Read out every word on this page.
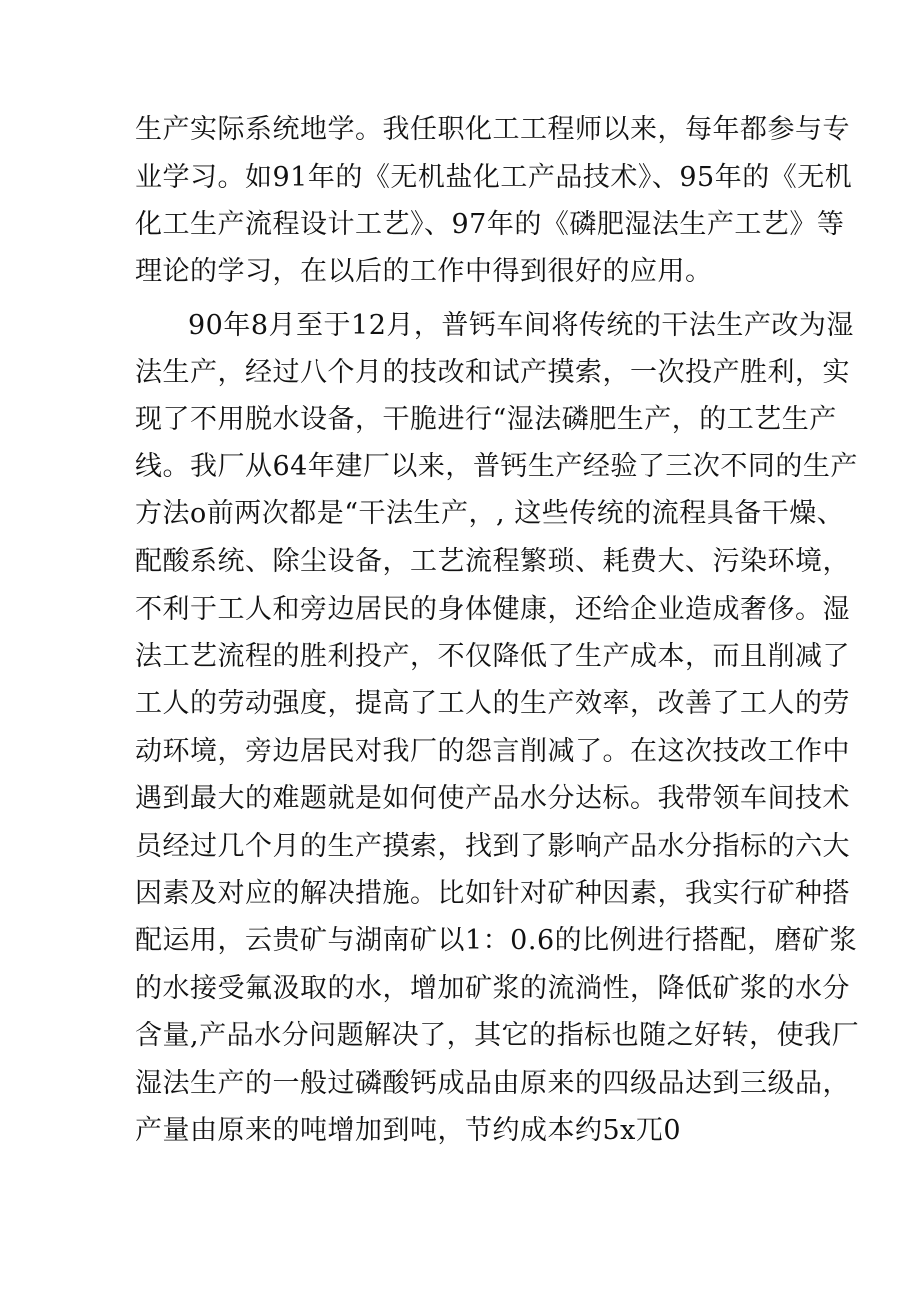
生产实际系统地学。我任职化工工程师以来，每年都参与专
业学习。如91年的《无机盐化工产品技术》、95年的《无机
化工生产流程设计工艺》、97年的《磷肥湿法生产工艺》等
理论的学习，在以后的工作中得到很好的应用。
90年8月至于12月，普钙车间将传统的干法生产改为湿
法生产，经过八个月的技改和试产摸索，一次投产胜利，实
现了不用脱水设备，干脆进行“湿法磷肥生产，的工艺生产
线。我厂从64年建厂以来，普钙生产经验了三次不同的生产
方法o前两次都是“干法生产，, 这些传统的流程具备干燥、
配酸系统、除尘设备，工艺流程繁琐、耗费大、污染环境，
不利于工人和旁边居民的身体健康，还给企业造成奢侈。湿
法工艺流程的胜利投产，不仅降低了生产成本，而且削减了
工人的劳动强度，提高了工人的生产效率，改善了工人的劳
动环境，旁边居民对我厂的怨言削减了。在这次技改工作中
遇到最大的难题就是如何使产品水分达标。我带领车间技术
员经过几个月的生产摸索，找到了影响产品水分指标的六大
因素及对应的解决措施。比如针对矿种因素，我实行矿种搭
配运用，云贵矿与湖南矿以1：0.6的比例进行搭配，磨矿浆
的水接受氟汲取的水，增加矿浆的流淌性，降低矿浆的水分
含量,产品水分问题解决了，其它的指标也随之好转，使我厂
湿法生产的一般过磷酸钙成品由原来的四级品达到三级品，
产量由原来的吨增加到吨，节约成本约5x兀0
